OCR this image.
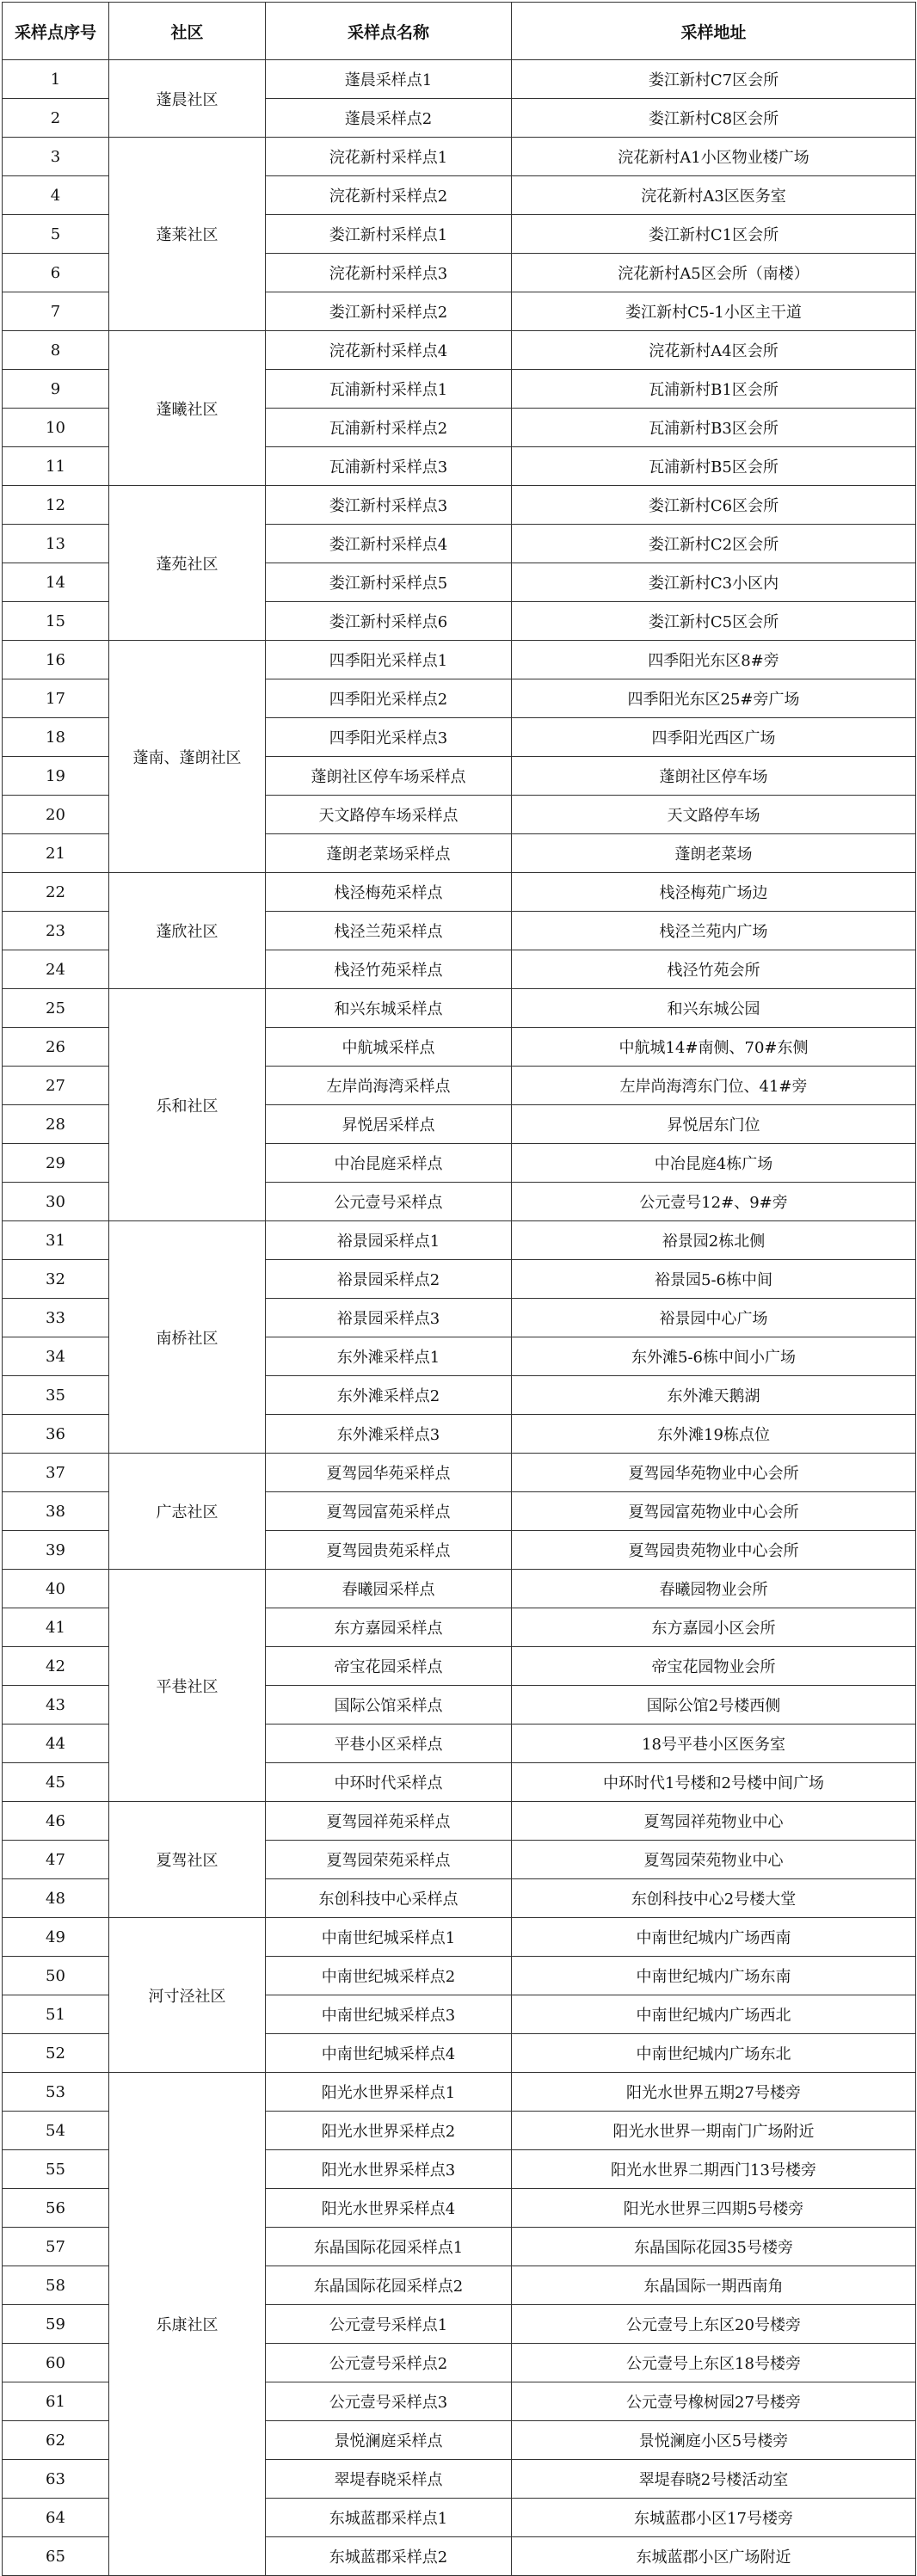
采样点序号	社区	采样点名称	采样地址
1	蓬晨社区	蓬晨采样点1	娄江新村C7区会所
2		蓬晨采样点2	娄江新村C8区会所
3	蓬莱社区	浣花新村采样点1	浣花新村A1小区物业楼广场
4		浣花新村采样点2	浣花新村A3区医务室
5		娄江新村采样点1	娄江新村C1区会所
6		浣花新村采样点3	浣花新村A5区会所（南楼）
7		娄江新村采样点2	娄江新村C5-1小区主干道
8	蓬曦社区	浣花新村采样点4	浣花新村A4区会所
9		瓦浦新村采样点1	瓦浦新村B1区会所
10		瓦浦新村采样点2	瓦浦新村B3区会所
11		瓦浦新村采样点3	瓦浦新村B5区会所
12	蓬苑社区	娄江新村采样点3	娄江新村C6区会所
13		娄江新村采样点4	娄江新村C2区会所
14		娄江新村采样点5	娄江新村C3小区内
15		娄江新村采样点6	娄江新村C5区会所
16	蓬南、蓬朗社区	四季阳光采样点1	四季阳光东区8#旁
17		四季阳光采样点2	四季阳光东区25#旁广场
18		四季阳光采样点3	四季阳光西区广场
19		蓬朗社区停车场采样点	蓬朗社区停车场
20		天文路停车场采样点	天文路停车场
21		蓬朗老菜场采样点	蓬朗老菜场
22	蓬欣社区	栈泾梅苑采样点	栈泾梅苑广场边
23		栈泾兰苑采样点	栈泾兰苑内广场
24		栈泾竹苑采样点	栈泾竹苑会所
25	乐和社区	和兴东城采样点	和兴东城公园
26		中航城采样点	中航城14#南侧、70#东侧
27		左岸尚海湾采样点	左岸尚海湾东门位、41#旁
28		昇悦居采样点	昇悦居东门位
29		中冶昆庭采样点	中冶昆庭4栋广场
30		公元壹号采样点	公元壹号12#、9#旁
31	南桥社区	裕景园采样点1	裕景园2栋北侧
32		裕景园采样点2	裕景园5-6栋中间
33		裕景园采样点3	裕景园中心广场
34		东外滩采样点1	东外滩5-6栋中间小广场
35		东外滩采样点2	东外滩天鹅湖
36		东外滩采样点3	东外滩19栋点位
37	广志社区	夏驾园华苑采样点	夏驾园华苑物业中心会所
38		夏驾园富苑采样点	夏驾园富苑物业中心会所
39		夏驾园贵苑采样点	夏驾园贵苑物业中心会所
40	平巷社区	春曦园采样点	春曦园物业会所
41		东方嘉园采样点	东方嘉园小区会所
42		帝宝花园采样点	帝宝花园物业会所
43		国际公馆采样点	国际公馆2号楼西侧
44		平巷小区采样点	18号平巷小区医务室
45		中环时代采样点	中环时代1号楼和2号楼中间广场
46	夏驾社区	夏驾园祥苑采样点	夏驾园祥苑物业中心
47		夏驾园荣苑采样点	夏驾园荣苑物业中心
48		东创科技中心采样点	东创科技中心2号楼大堂
49	河寸泾社区	中南世纪城采样点1	中南世纪城内广场西南
50		中南世纪城采样点2	中南世纪城内广场东南
51		中南世纪城采样点3	中南世纪城内广场西北
52		中南世纪城采样点4	中南世纪城内广场东北
53	乐康社区	阳光水世界采样点1	阳光水世界五期27号楼旁
54		阳光水世界采样点2	阳光水世界一期南门广场附近
55		阳光水世界采样点3	阳光水世界二期西门13号楼旁
56		阳光水世界采样点4	阳光水世界三四期5号楼旁
57		东晶国际花园采样点1	东晶国际花园35号楼旁
58		东晶国际花园采样点2	东晶国际一期西南角
59		公元壹号采样点1	公元壹号上东区20号楼旁
60		公元壹号采样点2	公元壹号上东区18号楼旁
61		公元壹号采样点3	公元壹号橡树园27号楼旁
62		景悦澜庭采样点	景悦澜庭小区5号楼旁
63		翠堤春晓采样点	翠堤春晓2号楼活动室
64		东城蓝郡采样点1	东城蓝郡小区17号楼旁
65		东城蓝郡采样点2	东城蓝郡小区广场附近
